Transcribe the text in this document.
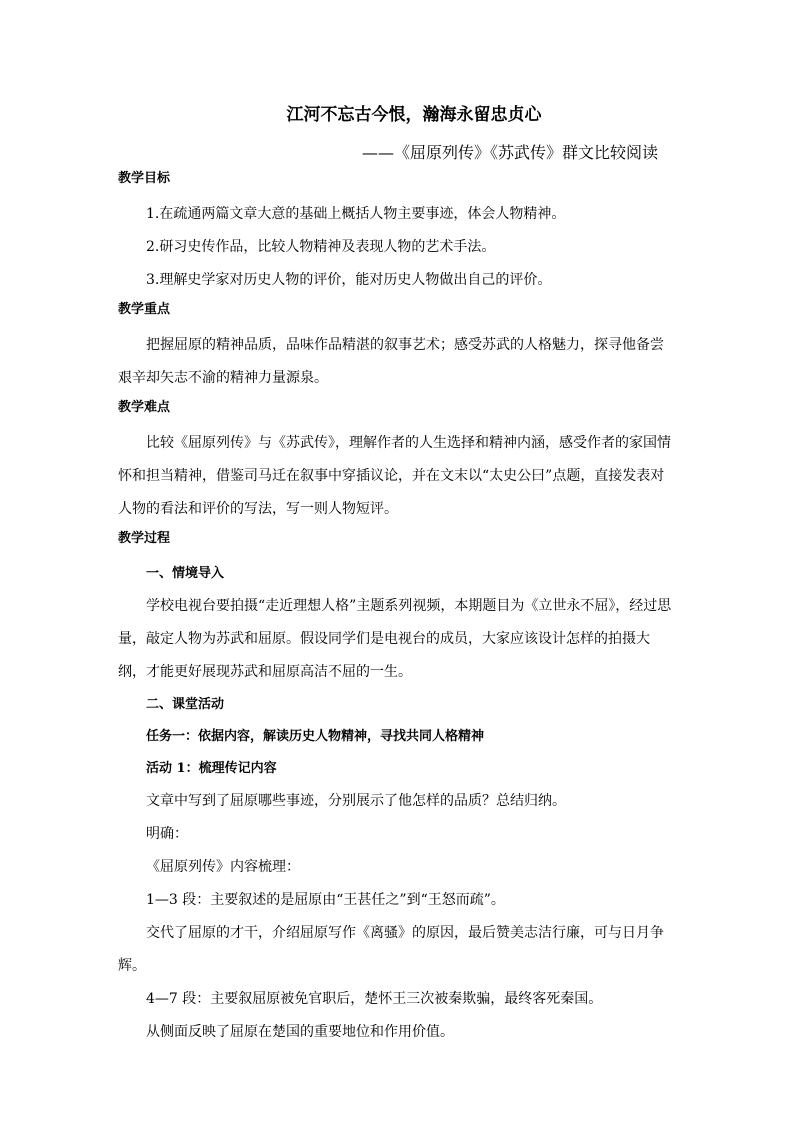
江河不忘古今恨，瀚海永留忠贞心
——《屈原列传》《苏武传》群文比较阅读
教学目标
1.在疏通两篇文章大意的基础上概括人物主要事迹，体会人物精神。
2.研习史传作品，比较人物精神及表现人物的艺术手法。
3.理解史学家对历史人物的评价，能对历史人物做出自己的评价。
教学重点
把握屈原的精神品质，品味作品精湛的叙事艺术；感受苏武的人格魅力，探寻他备尝艰辛却矢志不渝的精神力量源泉。
教学难点
比较《屈原列传》与《苏武传》，理解作者的人生选择和精神内涵，感受作者的家国情怀和担当精神，借鉴司马迁在叙事中穿插议论，并在文末以“太史公曰”点题，直接发表对人物的看法和评价的写法，写一则人物短评。
教学过程
一、情境导入
学校电视台要拍摄“走近理想人格”主题系列视频，本期题目为《立世永不屈》，经过思量，敲定人物为苏武和屈原。假设同学们是电视台的成员，大家应该设计怎样的拍摄大纲，才能更好展现苏武和屈原高洁不屈的一生。
二、课堂活动
任务一：依据内容，解读历史人物精神，寻找共同人格精神
活动 1：梳理传记内容
文章中写到了屈原哪些事迹，分别展示了他怎样的品质？总结归纳。
明确：
《屈原列传》内容梳理：
1—3 段：主要叙述的是屈原由“王甚任之”到“王怒而疏”。
交代了屈原的才干，介绍屈原写作《离骚》的原因，最后赞美志洁行廉，可与日月争辉。
4—7 段：主要叙屈原被免官职后，楚怀王三次被秦欺骗，最终客死秦国。
从侧面反映了屈原在楚国的重要地位和作用价值。
